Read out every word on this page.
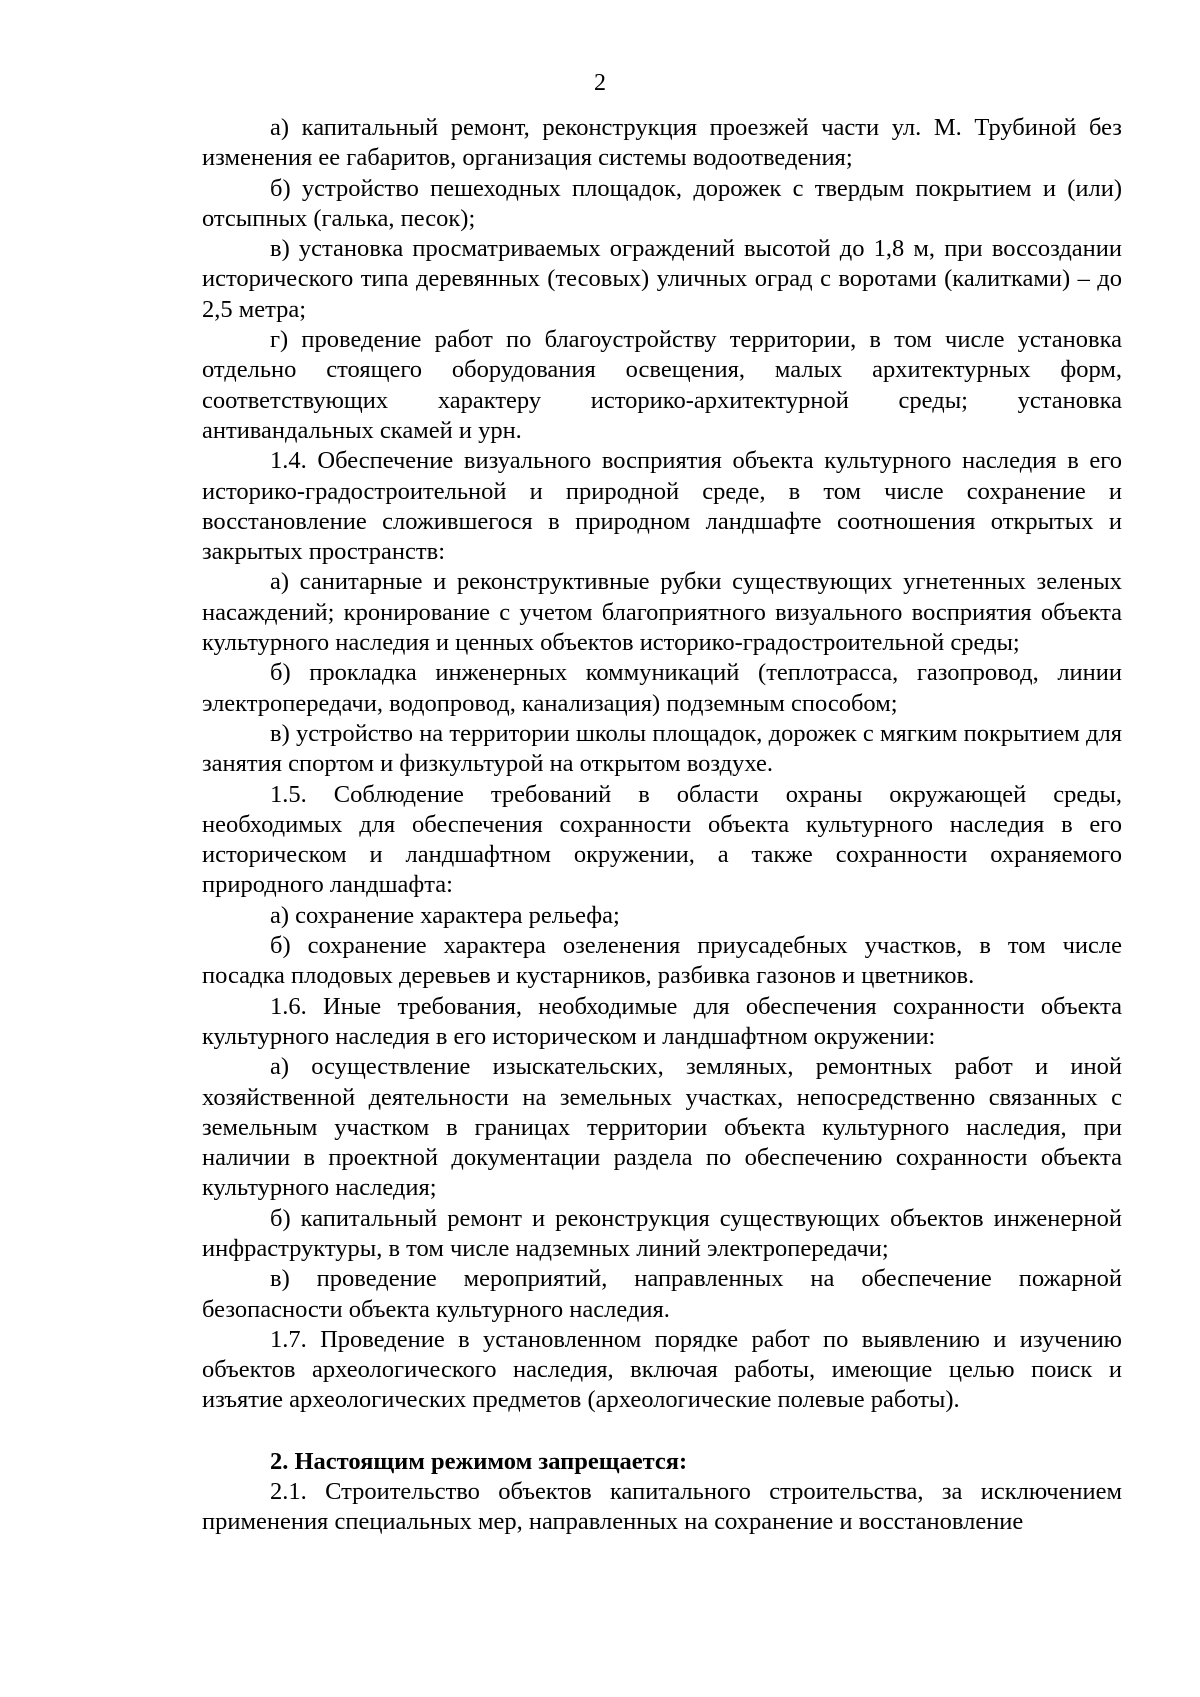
2

а) капитальный ремонт, реконструкция проезжей части ул. М. Трубиной без изменения ее габаритов, организация системы водоотведения;

б) устройство пешеходных площадок, дорожек с твердым покрытием и (или) отсыпных (галька, песок);

в) установка просматриваемых ограждений высотой до 1,8 м, при воссоздании исторического типа деревянных (тесовых) уличных оград с воротами (калитками) – до 2,5 метра;

г) проведение работ по благоустройству территории, в том числе установка отдельно стоящего оборудования освещения, малых архитектурных форм, соответствующих характеру историко-архитектурной среды; установка антивандальных скамей и урн.

1.4. Обеспечение визуального восприятия объекта культурного наследия в его историко-градостроительной и природной среде, в том числе сохранение и восстановление сложившегося в природном ландшафте соотношения открытых и закрытых пространств:

а) санитарные и реконструктивные рубки существующих угнетенных зеленых насаждений; кронирование с учетом благоприятного визуального восприятия объекта культурного наследия и ценных объектов историко-градостроительной среды;

б) прокладка инженерных коммуникаций (теплотрасса, газопровод, линии электропередачи, водопровод, канализация) подземным способом;

в) устройство на территории школы площадок, дорожек с мягким покрытием для занятия спортом и физкультурой на открытом воздухе.

1.5. Соблюдение требований в области охраны окружающей среды, необходимых для обеспечения сохранности объекта культурного наследия в его историческом и ландшафтном окружении, а также сохранности охраняемого природного ландшафта:

а) сохранение характера рельефа;

б) сохранение характера озеленения приусадебных участков, в том числе посадка плодовых деревьев и кустарников, разбивка газонов и цветников.

1.6. Иные требования, необходимые для обеспечения сохранности объекта культурного наследия в его историческом и ландшафтном окружении:

а) осуществление изыскательских, земляных, ремонтных работ и иной хозяйственной деятельности на земельных участках, непосредственно связанных с земельным участком в границах территории объекта культурного наследия, при наличии в проектной документации раздела по обеспечению сохранности объекта культурного наследия;

б) капитальный ремонт и реконструкция существующих объектов инженерной инфраструктуры, в том числе надземных линий электропередачи;

в) проведение мероприятий, направленных на обеспечение пожарной безопасности объекта культурного наследия.

1.7. Проведение в установленном порядке работ по выявлению и изучению объектов археологического наследия, включая работы, имеющие целью поиск и изъятие археологических предметов (археологические полевые работы).

2. Настоящим режимом запрещается:

2.1. Строительство объектов капитального строительства, за исключением применения специальных мер, направленных на сохранение и восстановление
